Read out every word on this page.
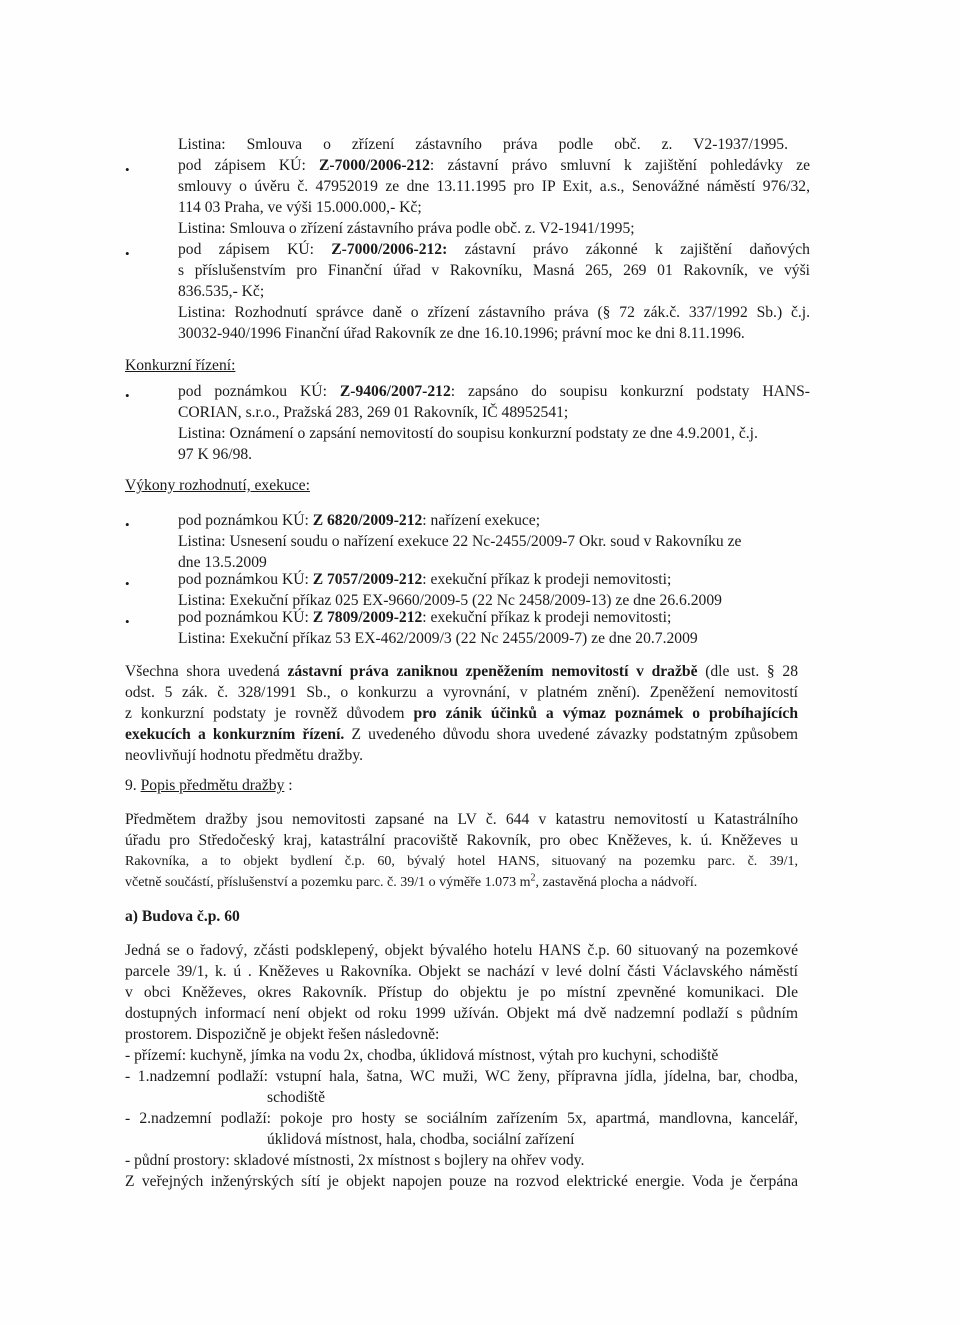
Listina: Smlouva o zřízení zástavního práva podle obč. z. V2-1937/1995.
•	pod zápisem KÚ: Z-7000/2006-212: zástavní právo smluvní k zajištění pohledávky ze
smlouvy o úvěru č. 47952019 ze dne 13.11.1995 pro IP Exit, a.s., Senovážné náměstí 976/32,
114 03 Praha, ve výši 15.000.000,- Kč;
Listina: Smlouva o zřízení zástavního práva podle obč. z. V2-1941/1995;
•	pod zápisem KÚ: Z-7000/2006-212: zástavní právo zákonné k zajištění daňových
s příslušenstvím pro Finanční úřad v Rakovníku, Masná 265, 269 01 Rakovník, ve výši
836.535,- Kč;
Listina: Rozhodnutí správce daně o zřízení zástavního práva (§ 72 zák.č. 337/1992 Sb.) č.j.
30032-940/1996 Finanční úřad Rakovník ze dne 16.10.1996; právní moc ke dni 8.11.1996.
Konkurzní řízení:
•	pod poznámkou KÚ: Z-9406/2007-212: zapsáno do soupisu konkurzní podstaty HANS-
CORIAN, s.r.o., Pražská 283, 269 01 Rakovník, IČ 48952541;
Listina: Oznámení o zapsání nemovitostí do soupisu konkurzní podstaty ze dne 4.9.2001, č.j.
97 K 96/98.
Výkony rozhodnutí, exekuce:
•	pod poznámkou KÚ: Z 6820/2009-212: nařízení exekuce;
Listina: Usnesení soudu o nařízení exekuce 22 Nc-2455/2009-7 Okr. soud v Rakovníku ze
dne 13.5.2009
•	pod poznámkou KÚ: Z 7057/2009-212: exekuční příkaz k prodeji nemovitosti;
Listina: Exekuční příkaz 025 EX-9660/2009-5 (22 Nc 2458/2009-13) ze dne 26.6.2009
•	pod poznámkou KÚ: Z 7809/2009-212: exekuční příkaz k prodeji nemovitosti;
Listina: Exekuční příkaz 53 EX-462/2009/3 (22 Nc 2455/2009-7) ze dne 20.7.2009
Všechna shora uvedená zástavní práva zaniknou zpeněžením nemovitostí v dražbě (dle ust. § 28
odst. 5 zák. č. 328/1991 Sb., o konkurzu a vyrovnání, v platném znění). Zpeněžení nemovitostí
z konkurzní podstaty je rovněž důvodem pro zánik účinků a výmaz poznámek o probíhajících
exekucích a konkurzním řízení. Z uvedeného důvodu shora uvedené závazky podstatným způsobem
neovlivňují hodnotu předmětu dražby.
9. Popis předmětu dražby :
Předmětem dražby jsou nemovitosti zapsané na LV č. 644 v katastru nemovitostí u Katastrálního
úřadu pro Středočeský kraj, katastrální pracoviště Rakovník, pro obec Kněževes, k. ú. Kněževes u
Rakovníka, a to objekt bydlení č.p. 60, bývalý hotel HANS, situovaný na pozemku parc. č. 39/1,
včetně součástí, příslušenství a pozemku parc. č. 39/1 o výměře 1.073 $m^2$, zastavěná plocha a nádvoří.
a) Budova č.p. 60
Jedná se o řadový, zčásti podsklepený, objekt bývalého hotelu HANS č.p. 60 situovaný na pozemkové
parcele 39/1, k. ú . Kněževes u Rakovníka. Objekt se nachází v levé dolní části Václavského náměstí
v obci Kněževes, okres Rakovník. Přístup do objektu je po místní zpevněné komunikaci. Dle
dostupných informací není objekt od roku 1999 užíván. Objekt má dvě nadzemní podlaží s půdním
prostorem. Dispozičně je objekt řešen následovně:
- přízemí: kuchyně, jímka na vodu 2x, chodba, úklidová místnost, výtah pro kuchyni, schodiště
- 1.nadzemní podlaží: vstupní hala, šatna, WC muži, WC ženy, přípravna jídla, jídelna, bar, chodba,
schodiště
- 2.nadzemní podlaží: pokoje pro hosty se sociálním zařízením 5x, apartmá, mandlovna, kancelář,
úklidová místnost, hala, chodba, sociální zařízení
- půdní prostory: skladové místnosti, 2x místnost s bojlery na ohřev vody.
Z veřejných inženýrských sítí je objekt napojen pouze na rozvod elektrické energie. Voda je čerpána
